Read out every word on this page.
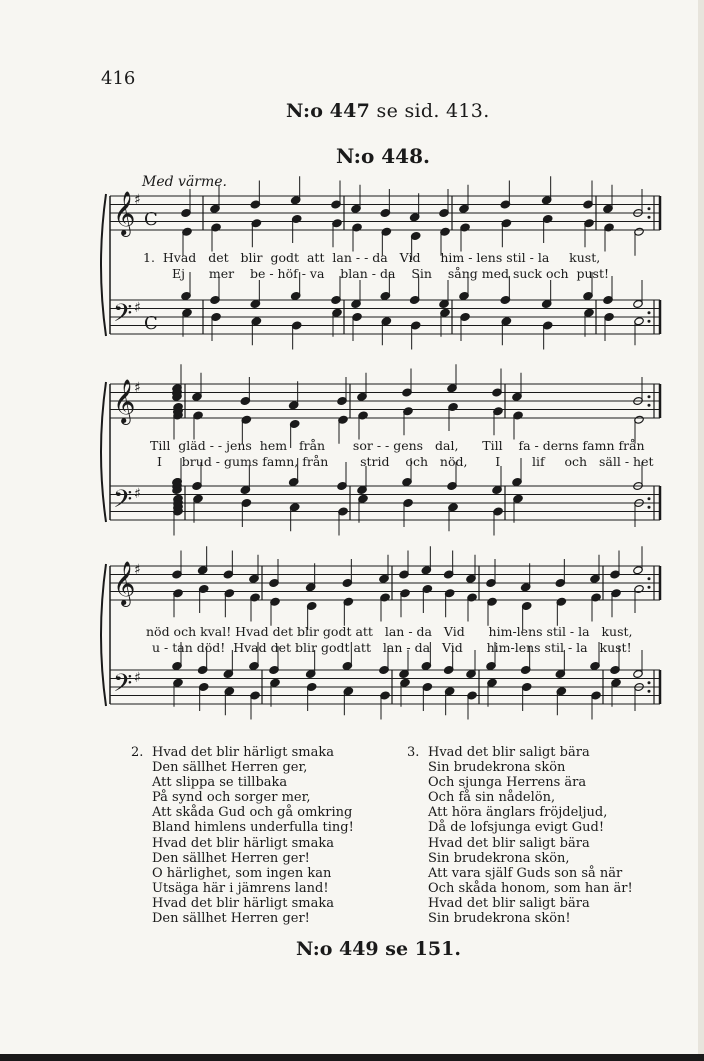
416
N:o 447 se sid. 413.
N:o 448.
Med värme.
𝄞
𝄢
♯
♯
C
C
𝄞
𝄢
♯
♯
𝄞
𝄢
♯
♯
1.  Hvad   det   blir  godt  att  lan - - da   Vid     him - lens stil - la     kust,
Ej      mer    be - höf - va    blan - da    Sin    sång med suck och  pust!
Till  gläd - - jens  hem   från       sor - - gens   dal,      Till    fa - derns famn från
I     brud - gums famn, från        strid    och   nöd,       I        lif     och   säll - het
nöd och kval! Hvad det blir godt att   lan - da   Vid      him-lens stil - la   kust,
u - tan död!  Hvad det blir godt att   lan - da   Vid      him-lens stil - la   kust!
2. Hvad det blir härligt smaka
Den sällhet Herren ger,
Att slippa se tillbaka
På synd och sorger mer,
Att skåda Gud och gå omkring
Bland himlens underfulla ting!
Hvad det blir härligt smaka
Den sällhet Herren ger!
O härlighet, som ingen kan
Utsäga här i jämrens land!
Hvad det blir härligt smaka
Den sällhet Herren ger!
3. Hvad det blir saligt bära
Sin brudekrona skön
Och sjunga Herrens ära
Och få sin nådelön,
Att höra änglars fröjdeljud,
Då de lofsjunga evigt Gud!
Hvad det blir saligt bära
Sin brudekrona skön,
Att vara själf Guds son så när
Och skåda honom, som han är!
Hvad det blir saligt bära
Sin brudekrona skön!
N:o 449 se 151.
